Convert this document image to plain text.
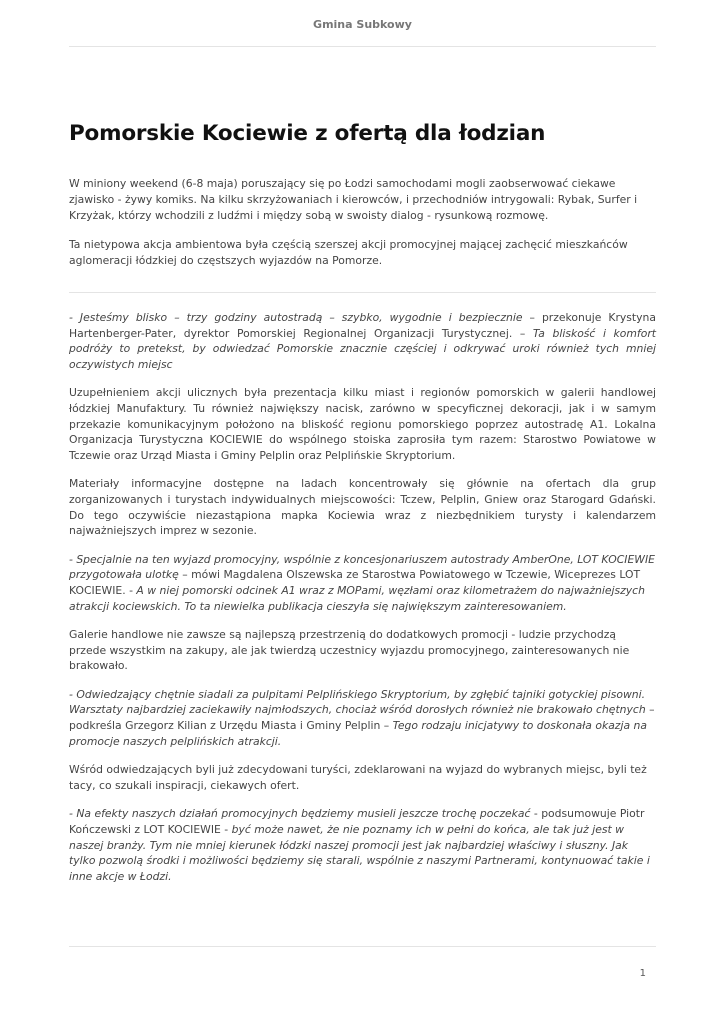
Gmina Subkowy
Pomorskie Kociewie z ofertą dla łodzian

W miniony weekend (6-8 maja) poruszający się po Łodzi samochodami mogli zaobserwować ciekawe zjawisko - żywy komiks. Na kilku skrzyżowaniach i kierowców, i przechodniów intrygowali: Rybak, Surfer i Krzyżak, którzy wchodzili z ludźmi i między sobą w swoisty dialog - rysunkową rozmowę.

Ta nietypowa akcja ambientowa była częścią szerszej akcji promocyjnej mającej zachęcić mieszkańców aglomeracji łódzkiej do częstszych wyjazdów na Pomorze.

- Jesteśmy blisko – trzy godziny autostradą – szybko, wygodnie i bezpiecznie – przekonuje Krystyna Hartenberger-Pater, dyrektor Pomorskiej Regionalnej Organizacji Turystycznej. – Ta bliskość i komfort podróży to pretekst, by odwiedzać Pomorskie znacznie częściej i odkrywać uroki również tych mniej oczywistych miejsc

Uzupełnieniem akcji ulicznych była prezentacja kilku miast i regionów pomorskich w galerii handlowej łódzkiej Manufaktury. Tu również największy nacisk, zarówno w specyficznej dekoracji, jak i w samym przekazie komunikacyjnym położono na bliskość regionu pomorskiego poprzez autostradę A1. Lokalna Organizacja Turystyczna KOCIEWIE do wspólnego stoiska zaprosiła tym razem: Starostwo Powiatowe w Tczewie oraz Urząd Miasta i Gminy Pelplin oraz Pelplińskie Skryptorium.

Materiały informacyjne dostępne na ladach koncentrowały się głównie na ofertach dla grup zorganizowanych i turystach indywidualnych miejscowości: Tczew, Pelplin, Gniew oraz Starogard Gdański. Do tego oczywiście niezastąpiona mapka Kociewia wraz z niezbędnikiem turysty i kalendarzem najważniejszych imprez w sezonie.

- Specjalnie na ten wyjazd promocyjny, wspólnie z koncesjonariuszem autostrady AmberOne, LOT KOCIEWIE przygotowała ulotkę – mówi Magdalena Olszewska ze Starostwa Powiatowego w Tczewie, Wiceprezes LOT KOCIEWIE. - A w niej pomorski odcinek A1 wraz z MOPami, węzłami oraz kilometrażem do najważniejszych atrakcji kociewskich. To ta niewielka publikacja cieszyła się największym zainteresowaniem.

Galerie handlowe nie zawsze są najlepszą przestrzenią do dodatkowych promocji - ludzie przychodzą przede wszystkim na zakupy, ale jak twierdzą uczestnicy wyjazdu promocyjnego, zainteresowanych nie brakowało.

- Odwiedzający chętnie siadali za pulpitami Pelplińskiego Skryptorium, by zgłębić tajniki gotyckiej pisowni. Warsztaty najbardziej zaciekawiły najmłodszych, chociaż wśród dorosłych również nie brakowało chętnych – podkreśla Grzegorz Kilian z Urzędu Miasta i Gminy Pelplin – Tego rodzaju inicjatywy to doskonała okazja na promocje naszych pelplińskich atrakcji.

Wśród odwiedzających byli już zdecydowani turyści, zdeklarowani na wyjazd do wybranych miejsc, byli też tacy, co szukali inspiracji, ciekawych ofert.

- Na efekty naszych działań promocyjnych będziemy musieli jeszcze trochę poczekać - podsumowuje Piotr Kończewski z LOT KOCIEWIE - być może nawet, że nie poznamy ich w pełni do końca, ale tak już jest w naszej branży. Tym nie mniej kierunek łódzki naszej promocji jest jak najbardziej właściwy i słuszny. Jak tylko pozwolą środki i możliwości będziemy się starali, wspólnie z naszymi Partnerami, kontynuować takie i inne akcje w Łodzi.

1
